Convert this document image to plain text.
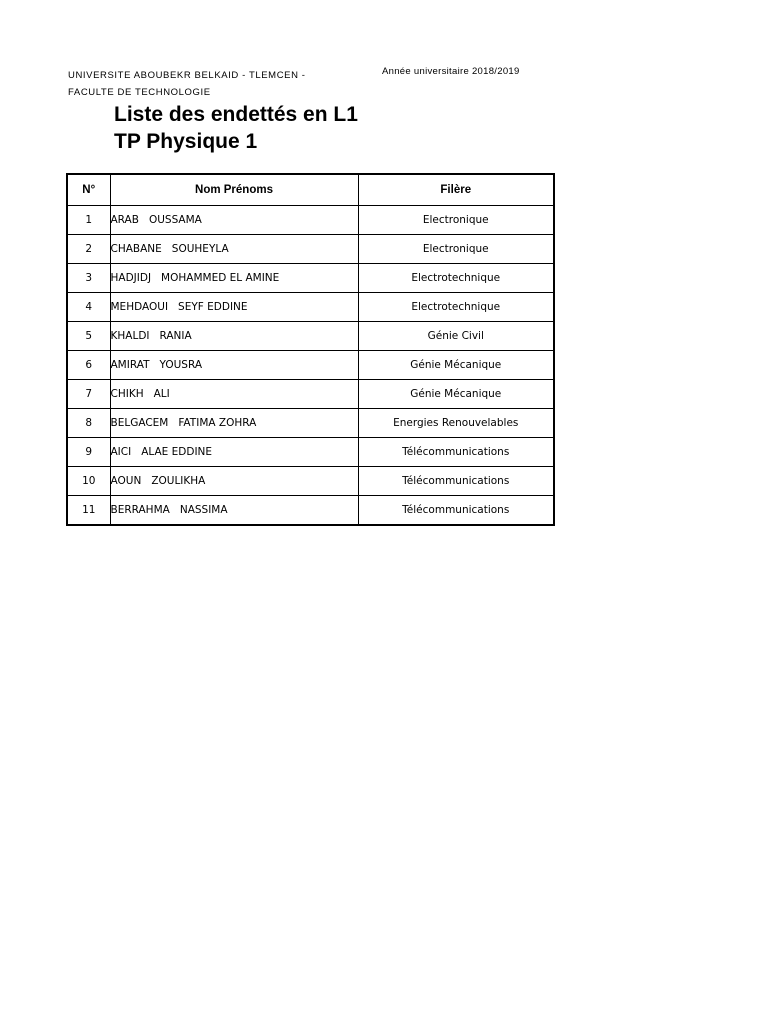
UNIVERSITE ABOUBEKR BELKAID - TLEMCEN -
FACULTE DE TECHNOLOGIE
Année universitaire 2018/2019
Liste des endettés en L1
TP Physique 1
N°	Nom Prénoms	Filère
1	ARAB   OUSSAMA	Electronique
2	CHABANE   SOUHEYLA	Electronique
3	HADJIDJ   MOHAMMED EL AMINE	Electrotechnique
4	MEHDAOUI   SEYF EDDINE	Electrotechnique
5	KHALDI   RANIA	Génie Civil
6	AMIRAT   YOUSRA	Génie Mécanique
7	CHIKH   ALI	Génie Mécanique
8	BELGACEM   FATIMA ZOHRA	Energies Renouvelables
9	AICI   ALAE EDDINE	Télécommunications
10	AOUN   ZOULIKHA	Télécommunications
11	BERRAHMA   NASSIMA	Télécommunications
